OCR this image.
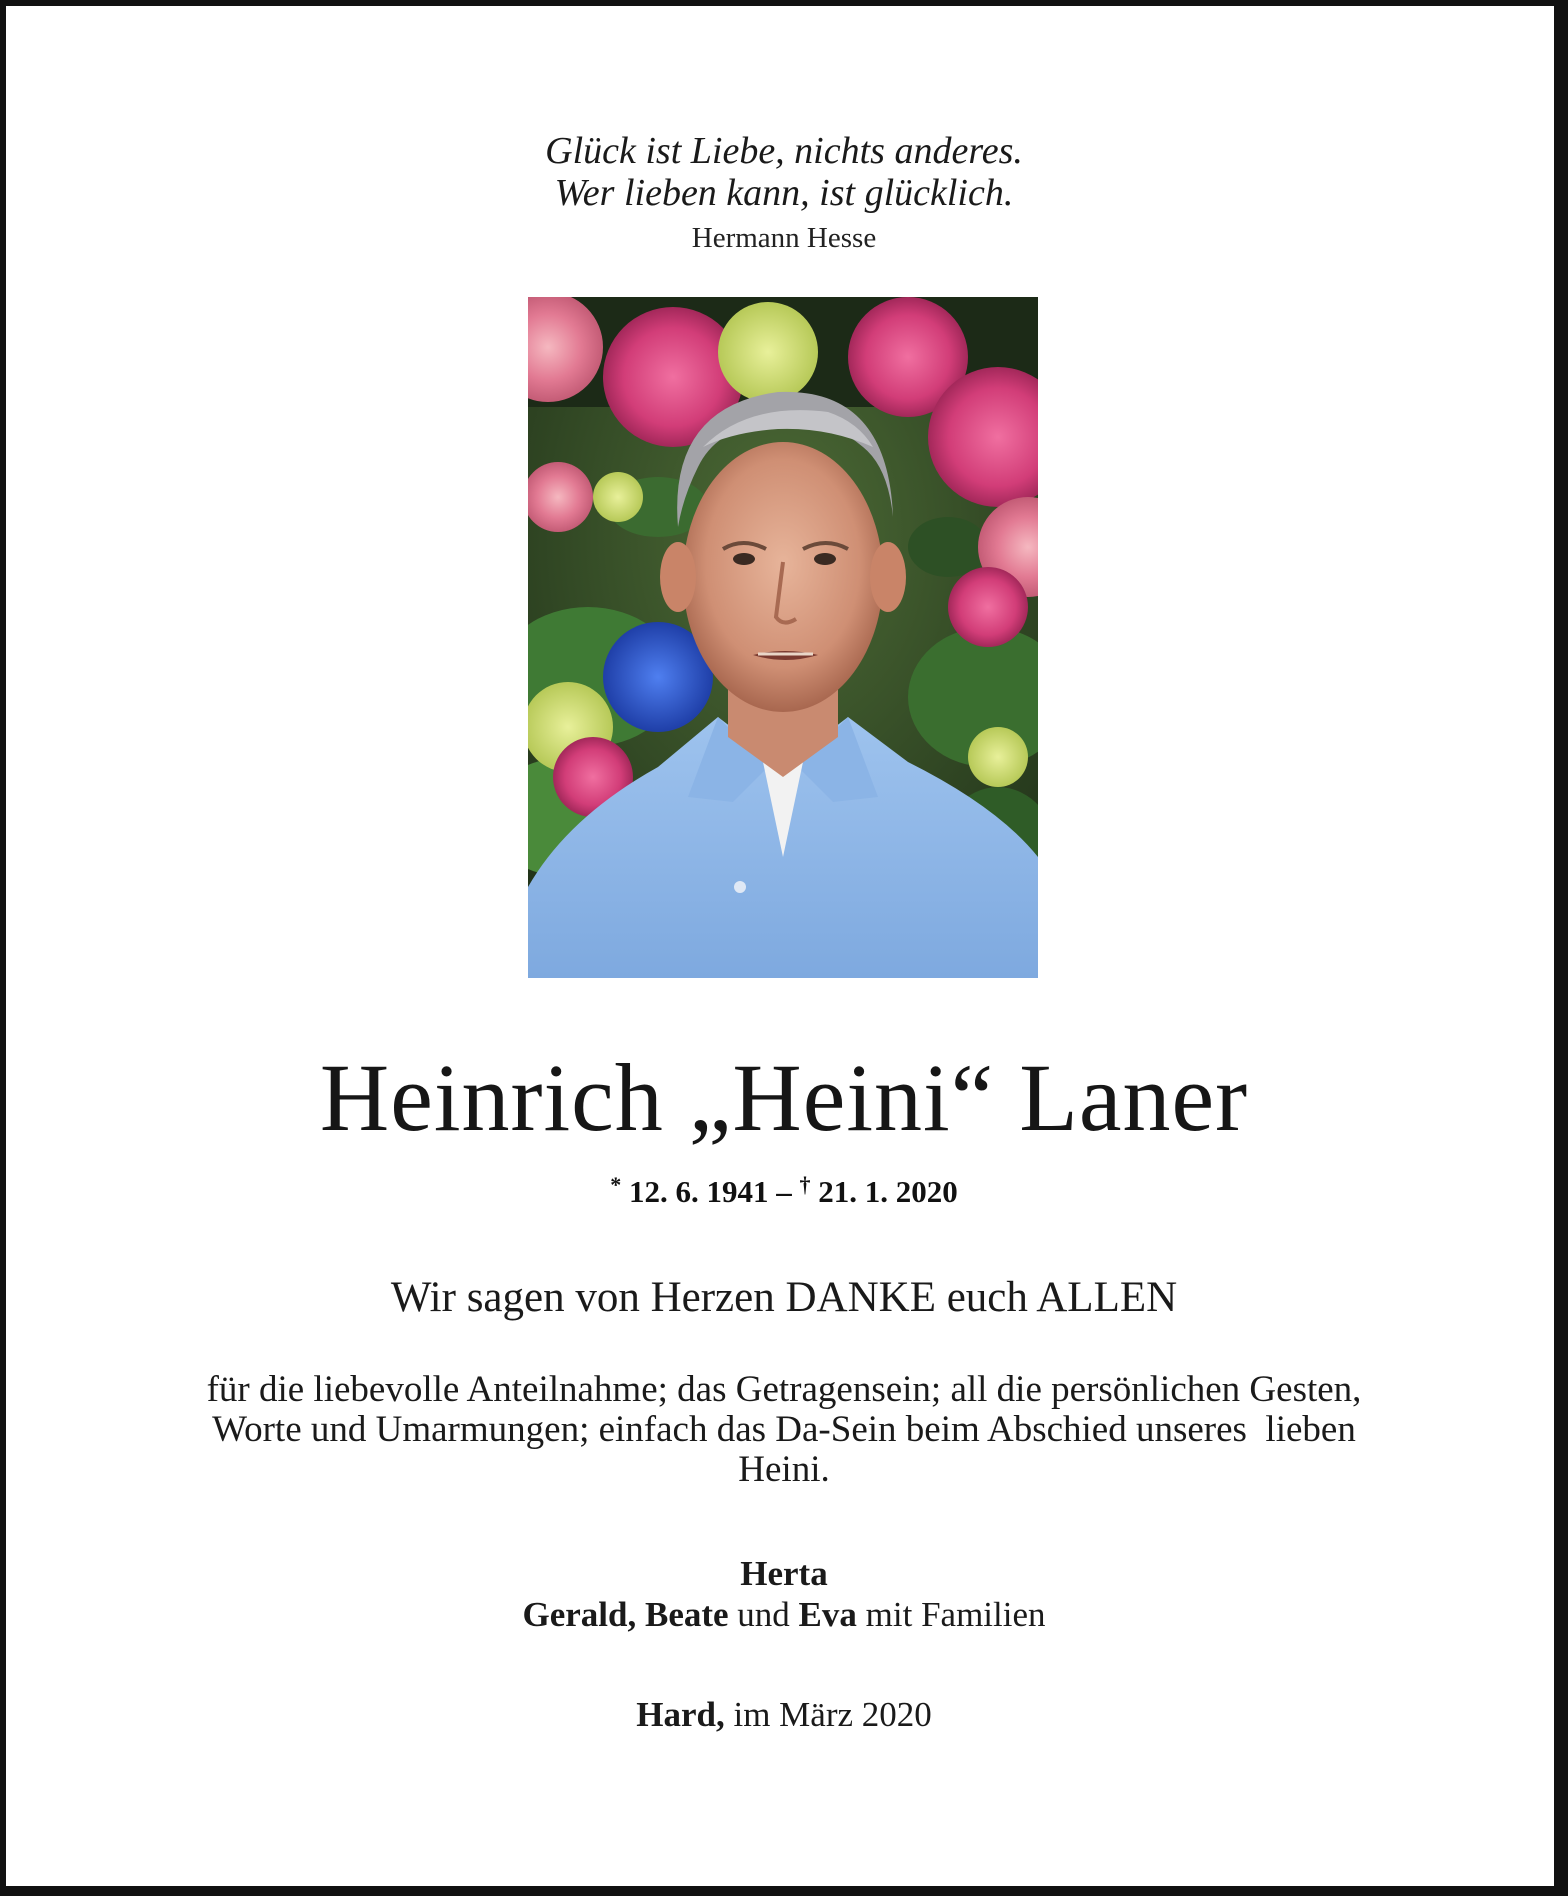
Glück ist Liebe, nichts anderes.
Wer lieben kann, ist glücklich.
Hermann Hesse
Heinrich „Heini“ Laner
* 12. 6. 1941 – † 21. 1. 2020
Wir sagen von Herzen DANKE euch ALLEN
für die liebevolle Anteilnahme; das Getragensein; all die persönlichen Gesten,
Worte und Umarmungen; einfach das Da-Sein beim Abschied unseres  lieben
Heini.
Herta
Gerald, Beate und Eva mit Familien
Hard, im März 2020
